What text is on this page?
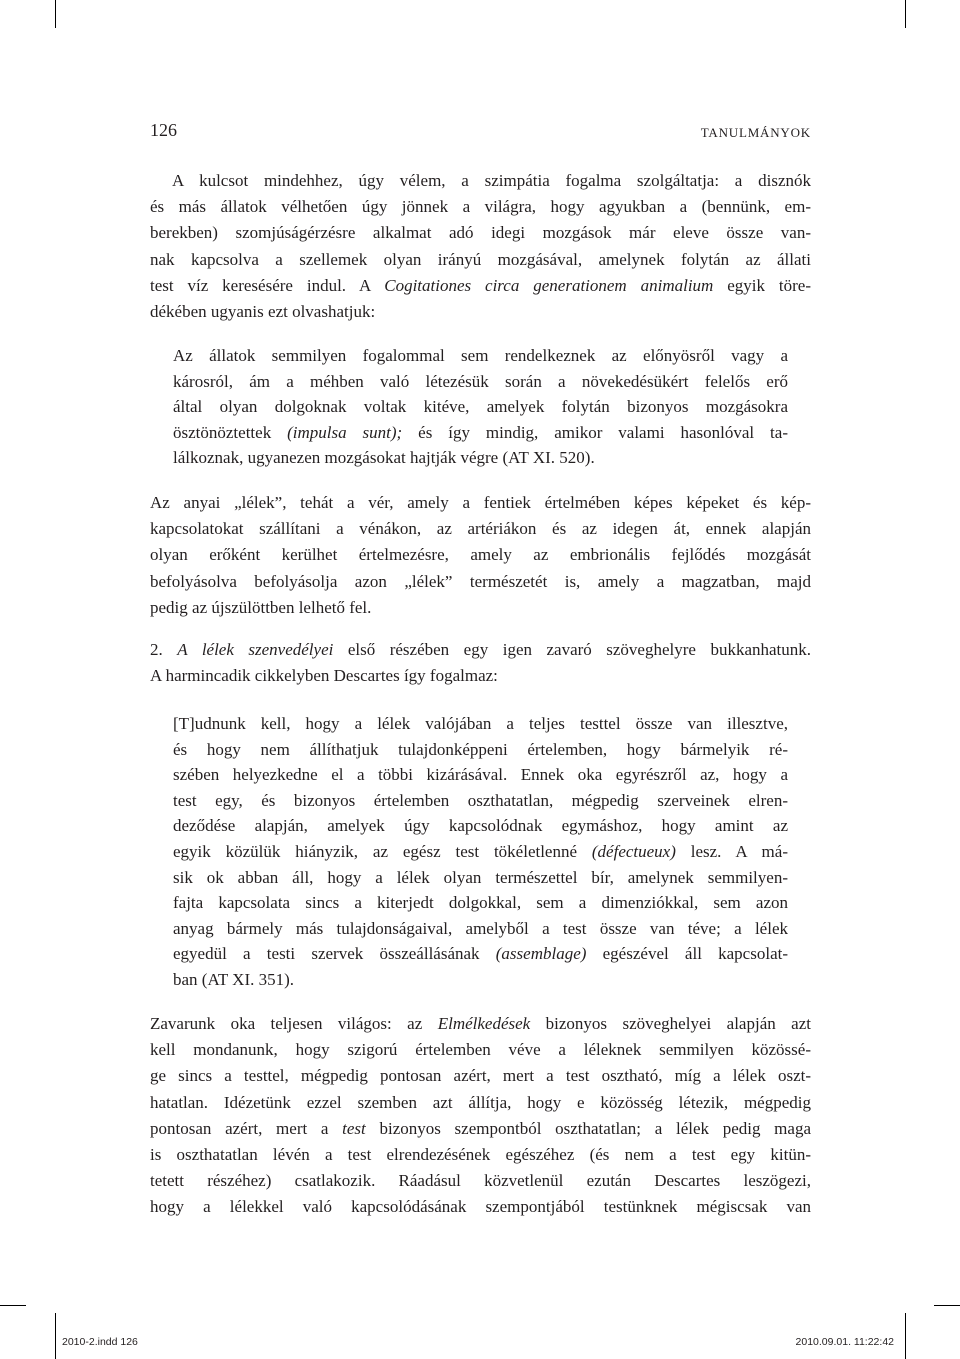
126	TANULMÁNYOK
A kulcsot mindehhez, úgy vélem, a szimpátia fogalma szolgáltatja: a disznók
és más állatok vélhetően úgy jönnek a világra, hogy agyukban a (bennünk, em-
berekben) szomjúságérzésre alkalmat adó idegi mozgások már eleve össze van-
nak kapcsolva a szellemek olyan irányú mozgásával, amelynek folytán az állati
test víz keresésére indul. A Cogitationes circa generationem animalium egyik töre-
dékében ugyanis ezt olvashatjuk:
Az állatok semmilyen fogalommal sem rendelkeznek az előnyösről vagy a
károsról, ám a méhben való létezésük során a növekedésükért felelős erő
által olyan dolgoknak voltak kitéve, amelyek folytán bizonyos mozgásokra
ösztönöztettek (impulsa sunt); és így mindig, amikor valami hasonlóval ta-
lálkoznak, ugyanezen mozgásokat hajtják végre (AT XI. 520).
Az anyai „lélek”, tehát a vér, amely a fentiek értelmében képes képeket és kép-
kapcsolatokat szállítani a vénákon, az artériákon és az idegen át, ennek alapján
olyan erőként kerülhet értelmezésre, amely az embrionális fejlődés mozgását
befolyásolva befolyásolja azon „lélek” természetét is, amely a magzatban, majd
pedig az újszülöttben lelhető fel.
2. A lélek szenvedélyei első részében egy igen zavaró szöveghelyre bukkanhatunk.
A harmincadik cikkelyben Descartes így fogalmaz:
[T]udnunk kell, hogy a lélek valójában a teljes testtel össze van illesztve,
és hogy nem állíthatjuk tulajdonképpeni értelemben, hogy bármelyik ré-
szében helyezkedne el a többi kizárásával. Ennek oka egyrészről az, hogy a
test egy, és bizonyos értelemben oszthatatlan, mégpedig szerveinek elren-
deződése alapján, amelyek úgy kapcsolódnak egymáshoz, hogy amint az
egyik közülük hiányzik, az egész test tökéletlenné (défectueux) lesz. A má-
sik ok abban áll, hogy a lélek olyan természettel bír, amelynek semmilyen-
fajta kapcsolata sincs a kiterjedt dolgokkal, sem a dimenziókkal, sem azon
anyag bármely más tulajdonságaival, amelyből a test össze van téve; a lélek
egyedül a testi szervek összeállásának (assemblage) egészével áll kapcsolat-
ban (AT XI. 351).
Zavarunk oka teljesen világos: az Elmélkedések bizonyos szöveghelyei alapján azt
kell mondanunk, hogy szigorú értelemben véve a léleknek semmilyen közössé-
ge sincs a testtel, mégpedig pontosan azért, mert a test osztható, míg a lélek oszt-
hatatlan. Idézetünk ezzel szemben azt állítja, hogy e közösség létezik, mégpedig
pontosan azért, mert a test bizonyos szempontból oszthatatlan; a lélek pedig maga
is oszthatatlan lévén a test elrendezésének egészéhez (és nem a test egy kitün-
tetett részéhez) csatlakozik. Ráadásul közvetlenül ezután Descartes leszögezi,
hogy a lélekkel való kapcsolódásának szempontjából testünknek mégiscsak van
2010-2.indd 126	2010.09.01. 11:22:42
